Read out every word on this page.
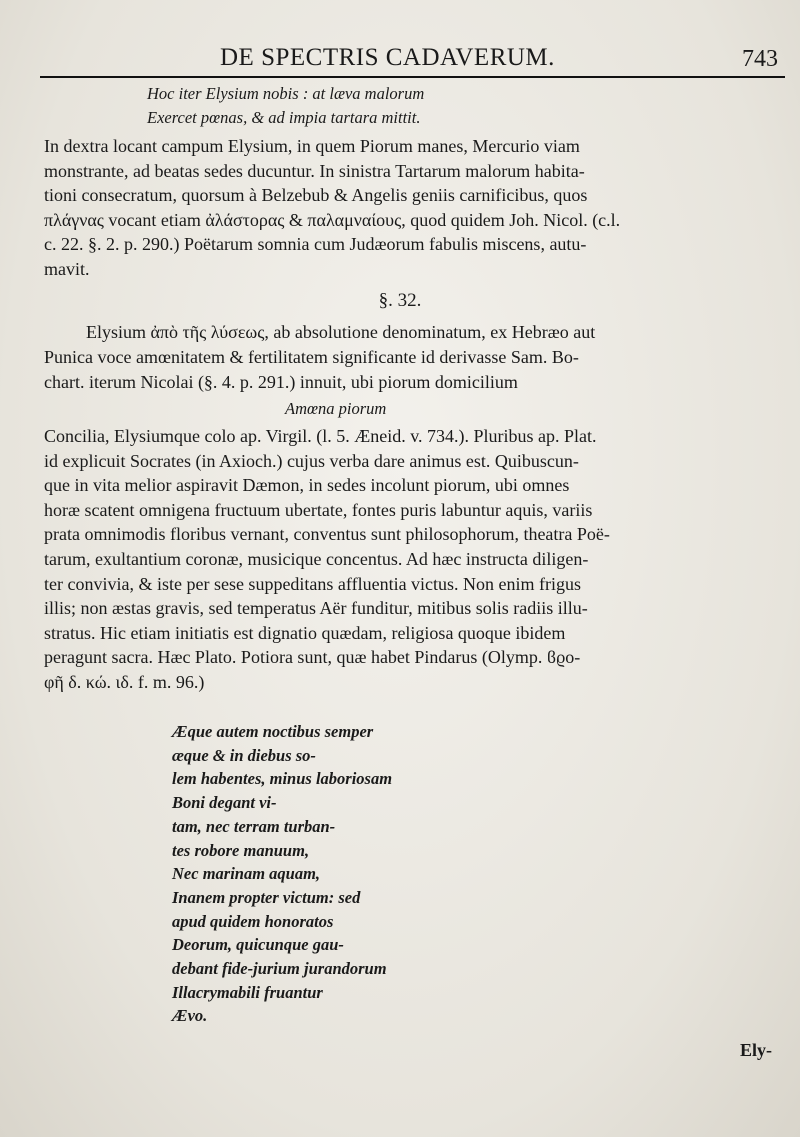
DE SPECTRIS CADAVERUM.	743
Hoc iter Elysium nobis : at læva malorum
Exercet pœnas, & ad impia tartara mittit.
In dextra locant campum Elysium, in quem Piorum manes, Mercurio viam
monstrante, ad beatas sedes ducuntur. In sinistra Tartarum malorum habita-
tioni consecratum, quorsum à Belzebub & Angelis geniis carnificibus, quos
πλάγνας vocant etiam ἀλάστορας & παλαμναίους, quod quidem Joh. Nicol. (c.l.
c. 22. §. 2. p. 290.) Poëtarum somnia cum Judæorum fabulis miscens, autu-
mavit.
§. 32.
Elysium ἀπὸ τῆς λύσεως, ab absolutione denominatum, ex Hebræo aut
Punica voce amœnitatem & fertilitatem significante id derivasse Sam. Bo-
chart. iterum Nicolai (§. 4. p. 291.) innuit, ubi piorum domicilium
Amœna piorum
Concilia, Elysiumque colo ap. Virgil. (l. 5. Æneid. v. 734.). Pluribus ap. Plat.
id explicuit Socrates (in Axioch.) cujus verba dare animus est. Quibuscun-
que in vita melior aspiravit Dæmon, in sedes incolunt piorum, ubi omnes
horæ scatent omnigena fructuum ubertate, fontes puris labuntur aquis, variis
prata omnimodis floribus vernant, conventus sunt philosophorum, theatra Poë-
tarum, exultantium coronæ, musicique concentus. Ad hæc instructa diligen-
ter convivia, & iste per sese suppeditans affluentia victus. Non enim frigus
illis; non æstas gravis, sed temperatus Aër funditur, mitibus solis radiis illu-
stratus. Hic etiam initiatis est dignatio quædam, religiosa quoque ibidem
peragunt sacra. Hæc Plato. Potiora sunt, quæ habet Pindarus (Olymp. ϐϱο-
φῆ δ. κώ. ιδ. f. m. 96.)
Æque autem noctibus semper
æque & in diebus so-
lem habentes, minus laboriosam
Boni degant vi-
tam, nec terram turban-
tes robore manuum,
Nec marinam aquam,
Inanem propter victum: sed
apud quidem honoratos
Deorum, quicunque gau-
debant fide-jurium jurandorum
Illacrymabili fruantur
Ævo.
Ely-
